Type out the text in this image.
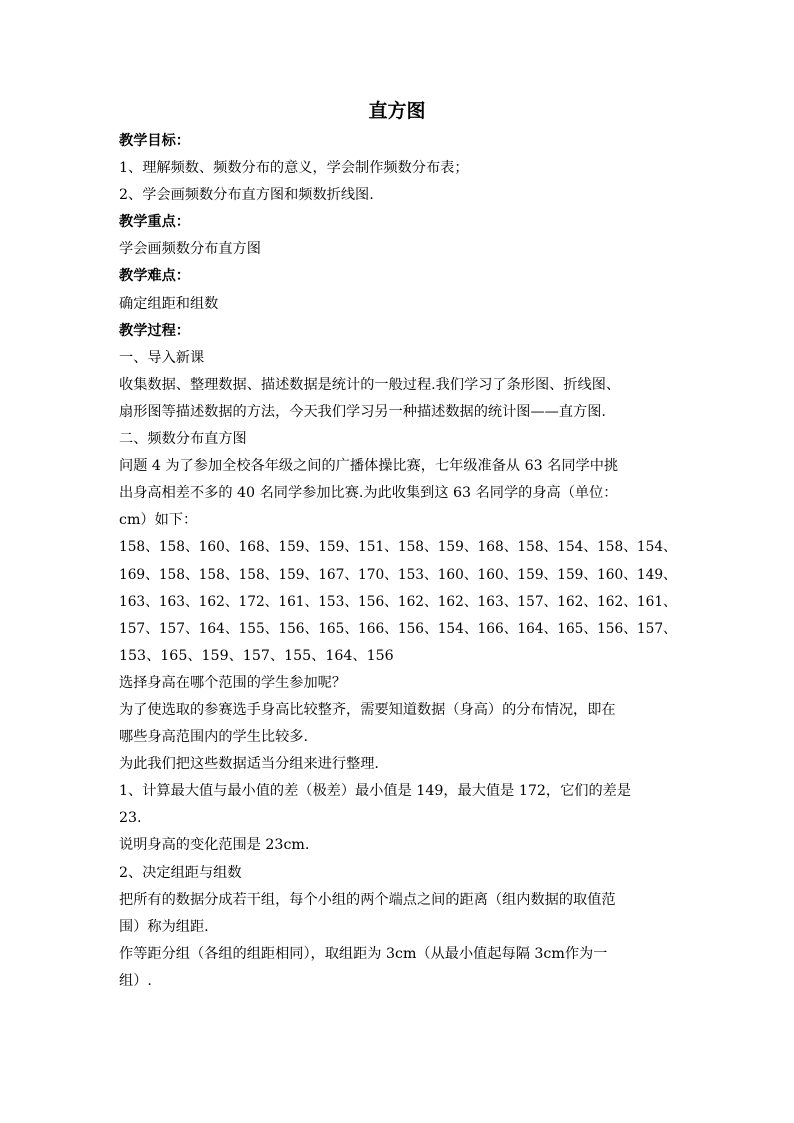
直方图
教学目标：
1、理解频数、频数分布的意义，学会制作频数分布表；
2、学会画频数分布直方图和频数折线图.
教学重点：
学会画频数分布直方图
教学难点：
确定组距和组数
教学过程：
一、导入新课
收集数据、整理数据、描述数据是统计的一般过程.我们学习了条形图、折线图、
扇形图等描述数据的方法，今天我们学习另一种描述数据的统计图——直方图.
二、频数分布直方图
问题 4 为了参加全校各年级之间的广播体操比赛，七年级准备从 63 名同学中挑
出身高相差不多的 40 名同学参加比赛.为此收集到这 63 名同学的身高（单位：
cm）如下：
158、158、160、168、159、159、151、158、159、168、158、154、158、154、
169、158、158、158、159、167、170、153、160、160、159、159、160、149、
163、163、162、172、161、153、156、162、162、163、157、162、162、161、
157、157、164、155、156、165、166、156、154、166、164、165、156、157、
153、165、159、157、155、164、156
选择身高在哪个范围的学生参加呢？
为了使选取的参赛选手身高比较整齐，需要知道数据（身高）的分布情况，即在
哪些身高范围内的学生比较多.
为此我们把这些数据适当分组来进行整理.
1、计算最大值与最小值的差（极差）最小值是 149，最大值是 172，它们的差是
23.
说明身高的变化范围是 23cm.
2、决定组距与组数
把所有的数据分成若干组，每个小组的两个端点之间的距离（组内数据的取值范
围）称为组距.
作等距分组（各组的组距相同），取组距为 3cm（从最小值起每隔 3cm作为一
组）.
